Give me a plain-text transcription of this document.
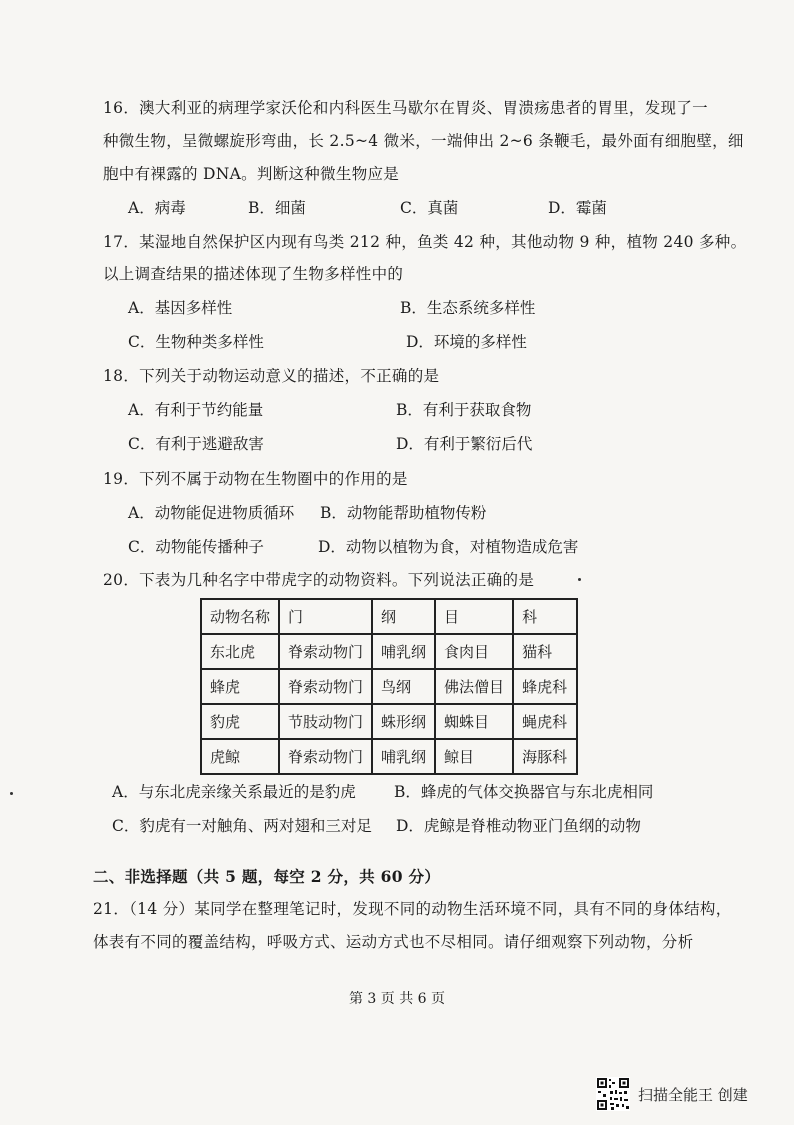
16．澳大利亚的病理学家沃伦和内科医生马歇尔在胃炎、胃溃疡患者的胃里，发现了一
种微生物，呈微螺旋形弯曲，长 2.5~4 微米，一端伸出 2~6 条鞭毛，最外面有细胞壁，细
胞中有裸露的 DNA。判断这种微生物应是
A．病毒	B．细菌	C．真菌	D．霉菌
17．某湿地自然保护区内现有鸟类 212 种，鱼类 42 种，其他动物 9 种，植物 240 多种。
以上调查结果的描述体现了生物多样性中的
A．基因多样性	B．生态系统多样性
C．生物种类多样性	D．环境的多样性
18．下列关于动物运动意义的描述，不正确的是
A．有利于节约能量	B．有利于获取食物
C．有利于逃避敌害	D．有利于繁衍后代
19．下列不属于动物在生物圈中的作用的是
A．动物能促进物质循环 B．动物能帮助植物传粉
C．动物能传播种子	D．动物以植物为食，对植物造成危害
20．下表为几种名字中带虎字的动物资料。下列说法正确的是
动物名称	门	纲	目	科
东北虎	脊索动物门	哺乳纲	食肉目	猫科
蜂虎	脊索动物门	鸟纲	佛法僧目	蜂虎科
豹虎	节肢动物门	蛛形纲	蜘蛛目	蝇虎科
虎鲸	脊索动物门	哺乳纲	鲸目	海豚科
A．与东北虎亲缘关系最近的是豹虎 B．蜂虎的气体交换器官与东北虎相同
C．豹虎有一对触角、两对翅和三对足 D．虎鲸是脊椎动物亚门鱼纲的动物
二、非选择题（共 5 题，每空 2 分，共 60 分）
21．（14 分）某同学在整理笔记时，发现不同的动物生活环境不同，具有不同的身体结构，
体表有不同的覆盖结构，呼吸方式、运动方式也不尽相同。请仔细观察下列动物，分析
第 3 页 共 6 页
扫描全能王 创建
